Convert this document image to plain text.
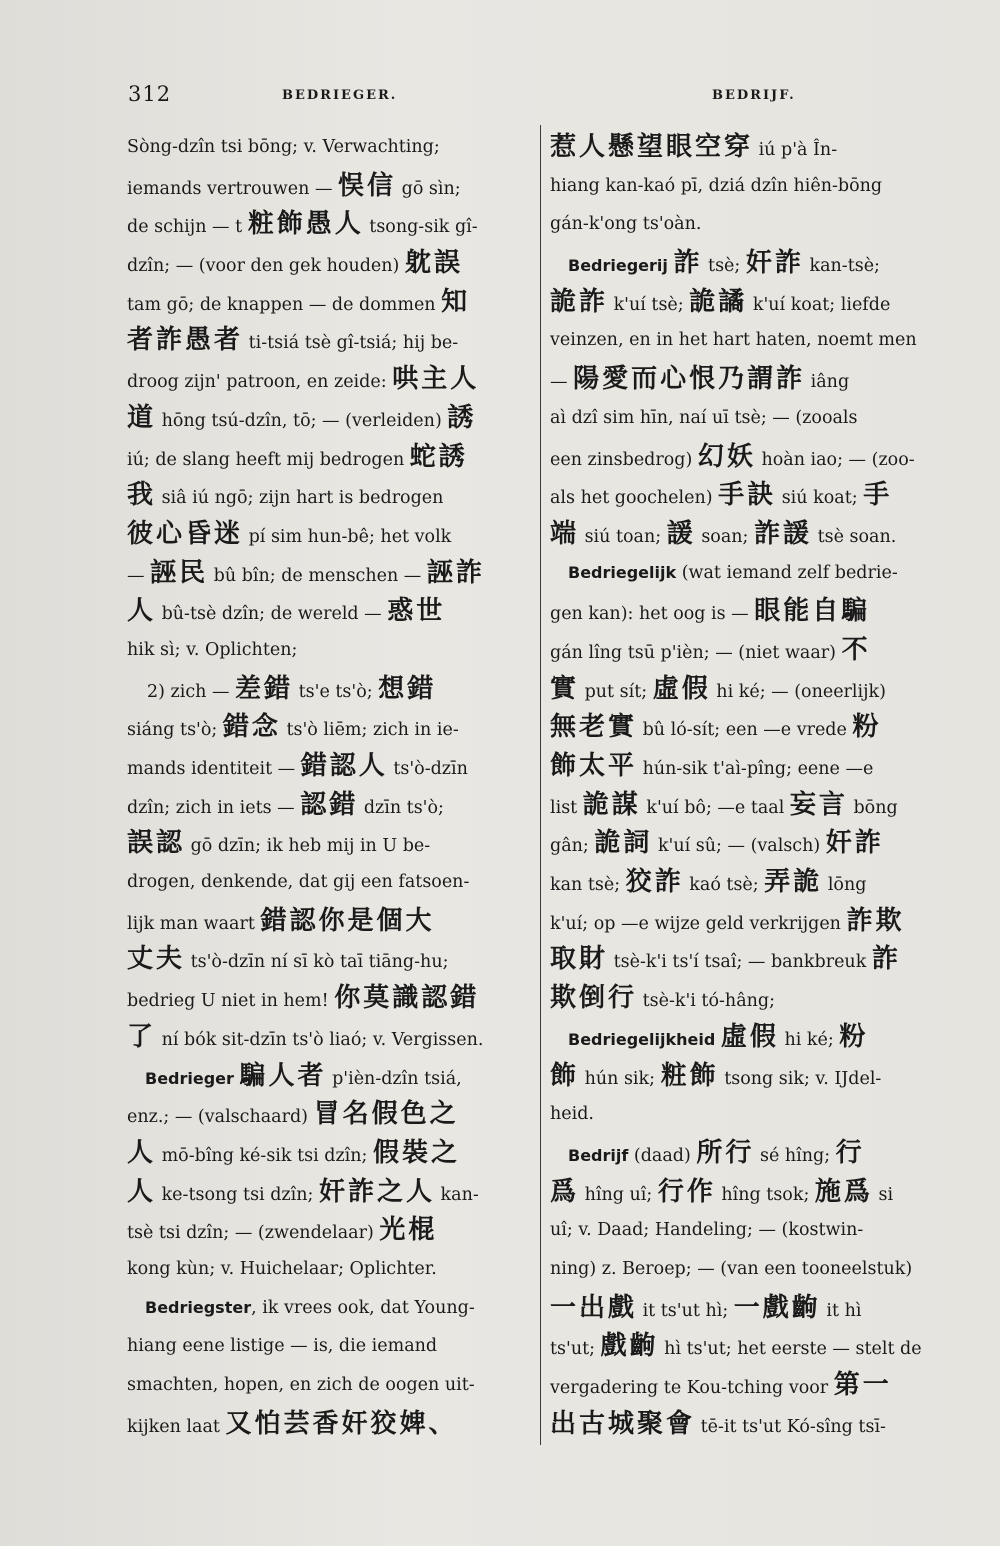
312	BEDRIEGER.	BEDRIJF.
Sòng-dzîn tsi bōng; v. Verwachting;
iemands vertrouwen — 悮信 gō sìn;
de schijn — t 粧飾愚人 tsong-sik gî-
dzîn; — (voor den gek houden) 躭誤
tam gō; de knappen — de dommen 知
者詐愚者 ti-tsiá tsè gî-tsiá; hij be-
droog zijn' patroon, en zeide: 哄主人
道 hōng tsú-dzîn, tō; — (verleiden) 誘
iú; de slang heeft mij bedrogen 蛇誘
我 siâ iú ngō; zijn hart is bedrogen
彼心昏迷 pí sim hun-bê; het volk
— 誣民 bû bîn; de menschen — 誣詐
人 bû-tsè dzîn; de wereld — 惑世
hik sì; v. Oplichten;
2) zich — 差錯 ts'e ts'ò; 想錯
siáng ts'ò; 錯念 ts'ò liēm; zich in ie-
mands identiteit — 錯認人 ts'ò-dzīn
dzîn; zich in iets — 認錯 dzīn ts'ò;
誤認 gō dzīn; ik heb mij in U be-
drogen, denkende, dat gij een fatsoen-
lijk man waart 錯認你是個大
丈夫 ts'ò-dzīn ní sī kò taī tiāng-hu;
bedrieg U niet in hem! 你莫識認錯
了 ní bók sit-dzīn ts'ò liaó; v. Vergissen.
Bedrieger 騙人者 p'ièn-dzîn tsiá,
enz.; — (valschaard) 冒名假色之
人 mō-bîng ké-sik tsi dzîn; 假裝之
人 ke-tsong tsi dzîn; 奸詐之人 kan-
tsè tsi dzîn; — (zwendelaar) 光棍
kong kùn; v. Huichelaar; Oplichter.
Bedriegster, ik vrees ook, dat Young-
hiang eene listige — is, die iemand
smachten, hopen, en zich de oogen uit-
kijken laat 又怕芸香奸狡婢、
惹人懸望眼空穿 iú p'à În-
hiang kan-kaó pī, dziá dzîn hiên-bōng
gán-k'ong ts'oàn.
Bedriegerij 詐 tsè; 奸詐 kan-tsè;
詭詐 k'uí tsè; 詭譎 k'uí koat; liefde
veinzen, en in het hart haten, noemt men
— 陽愛而心恨乃謂詐 iâng
aì dzî sim hīn, naí uī tsè; — (zooals
een zinsbedrog) 幻妖 hoàn iao; — (zoo-
als het goochelen) 手訣 siú koat; 手
端 siú toan; 諼 soan; 詐諼 tsè soan.
Bedriegelijk (wat iemand zelf bedrie-
gen kan): het oog is — 眼能自騙
gán lîng tsū p'ièn; — (niet waar) 不
實 put sít; 虛假 hi ké; — (oneerlijk)
無老實 bû ló-sít; een —e vrede 粉
飾太平 hún-sik t'aì-pîng; eene —e
list 詭謀 k'uí bô; —e taal 妄言 bōng
gân; 詭詞 k'uí sû; — (valsch) 奸詐
kan tsè; 狡詐 kaó tsè; 弄詭 lōng
k'uí; op —e wijze geld verkrijgen 詐欺
取財 tsè-k'i ts'í tsaî; — bankbreuk 詐
欺倒行 tsè-k'i tó-hâng;
Bedriegelijkheid 虛假 hi ké; 粉
飾 hún sik; 粧飾 tsong sik; v. IJdel-
heid.
Bedrijf (daad) 所行 sé hîng; 行
爲 hîng uî; 行作 hîng tsok; 施爲 si
uî; v. Daad; Handeling; — (kostwin-
ning) z. Beroep; — (van een tooneelstuk)
一出戲 it ts'ut hì; 一戲齣 it hì
ts'ut; 戲齣 hì ts'ut; het eerste — stelt de
vergadering te Kou-tching voor 第一
出古城聚會 tē-it ts'ut Kó-sîng tsī-
